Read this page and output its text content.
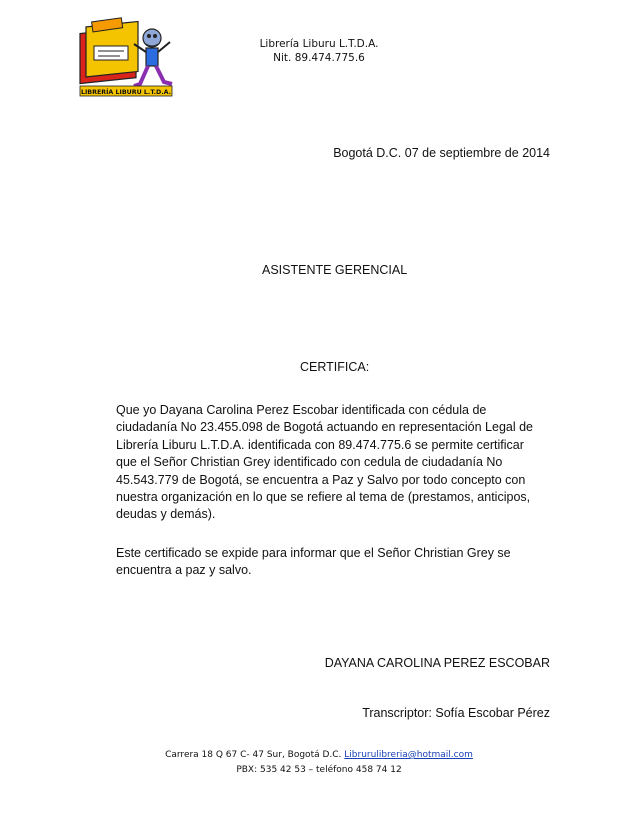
LIBRERÍA LIBURU L.T.D.A.
Librería Liburu L.T.D.A.
Nit. 89.474.775.6
Bogotá D.C. 07 de septiembre de 2014
ASISTENTE GERENCIAL
CERTIFICA:
Que yo Dayana Carolina Perez Escobar identificada con cédula de
ciudadanía No 23.455.098 de Bogotá actuando en representación Legal de
Librería Liburu L.T.D.A. identificada con 89.474.775.6 se permite certificar
que el Señor Christian Grey identificado con cedula de ciudadanía No
45.543.779 de Bogotá, se encuentra a Paz y Salvo por todo concepto con
nuestra organización en lo que se refiere al tema de (prestamos, anticipos,
deudas y demás).
Este certificado se expide para informar que el Señor Christian Grey se
encuentra a paz y salvo.
DAYANA CAROLINA PEREZ ESCOBAR
Transcriptor: Sofía Escobar Pérez
Carrera 18 Q 67 C- 47 Sur, Bogotá D.C. Librurulibreria@hotmail.com
PBX: 535 42 53 – teléfono 458 74 12
